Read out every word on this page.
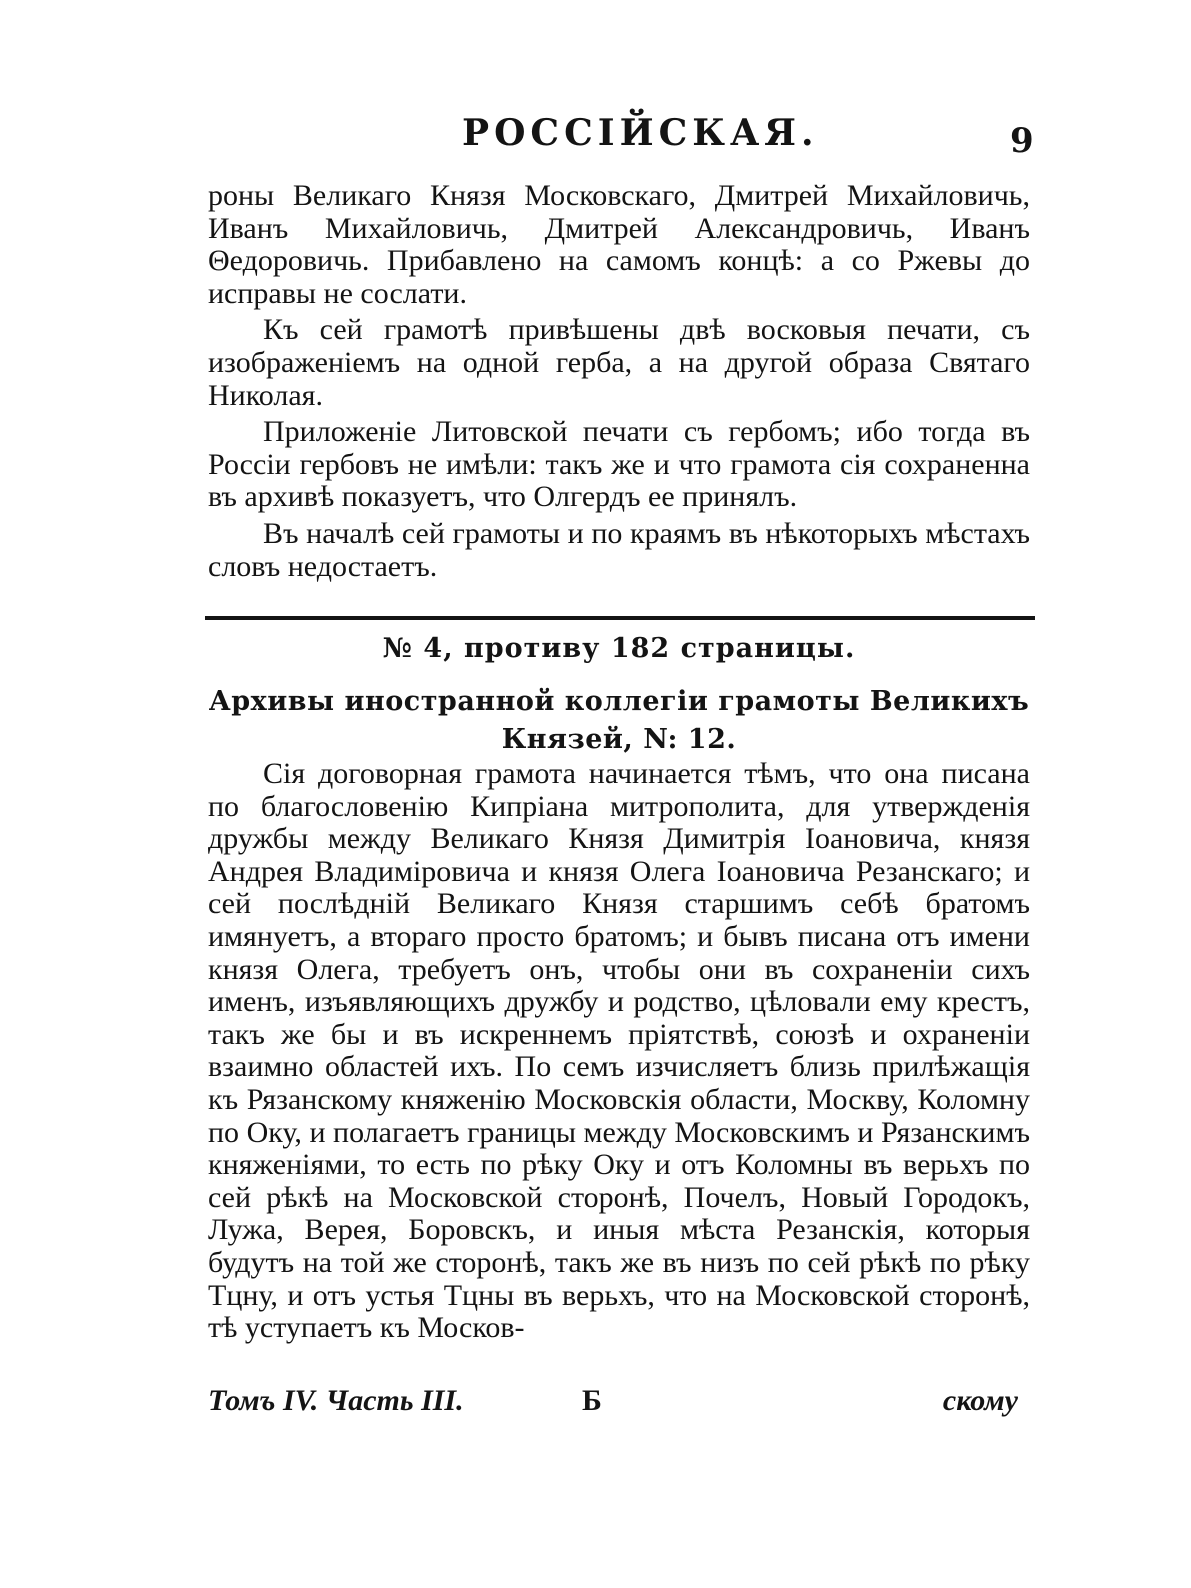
РОССІЙСКАЯ.	9

роны Великаго Князя Московскаго, Дмитрей Михайловичь, Иванъ Михайловичь, Дмитрей Александровичь, Иванъ Θедоровичь. Прибавлено на самомъ концѣ: а со Ржевы до исправы не сослати.

Къ сей грамотѣ привѣшены двѣ восковыя печати, съ изображеніемъ на одной герба, а на другой образа Святаго Николая.

Приложеніе Литовской печати съ гербомъ; ибо тогда въ Россіи гербовъ не имѣли: такъ же и что грамота сія сохраненна въ архивѣ показуетъ, что Олгердъ ее принялъ.

Въ началѣ сей грамоты и по краямъ въ нѣкоторыхъ мѣстахъ словъ недостаетъ.

№ 4, противу 182 страницы.
Архивы иностранной коллегіи грамоты Великихъ Князей, N: 12.

Сія договорная грамота начинается тѣмъ, что она писана по благословенію Кипріана митрополита, для утвержденія дружбы между Великаго Князя Димитрія Іоановича, князя Андрея Владиміровича и князя Олега Іоановича Резанскаго; и сей послѣдній Великаго Князя старшимъ себѣ братомъ имянуетъ, а втораго просто братомъ; и бывъ писана отъ имени князя Олега, требуетъ онъ, чтобы они въ сохраненіи сихъ именъ, изъявляющихъ дружбу и родство, цѣловали ему крестъ, такъ же бы и въ искреннемъ пріятствѣ, союзѣ и охраненіи взаимно областей ихъ. По семъ изчисляетъ близь прилѣжащія къ Рязанскому княженію Московскія области, Москву, Коломну по Оку, и полагаетъ границы между Московскимъ и Рязанскимъ княженіями, то есть по рѣку Оку и отъ Коломны въ верьхъ по сей рѣкѣ на Московской сторонѣ, Почелъ, Новый Городокъ, Лужа, Верея, Боровскъ, и иныя мѣста Резанскія, которыя будутъ на той же сторонѣ, такъ же въ низъ по сей рѣкѣ по рѣку Тцну, и отъ устья Тцны въ верьхъ, что на Московской сторонѣ, тѣ уступаетъ къ Москов-

Томъ IV. Часть III.	Б	скому
